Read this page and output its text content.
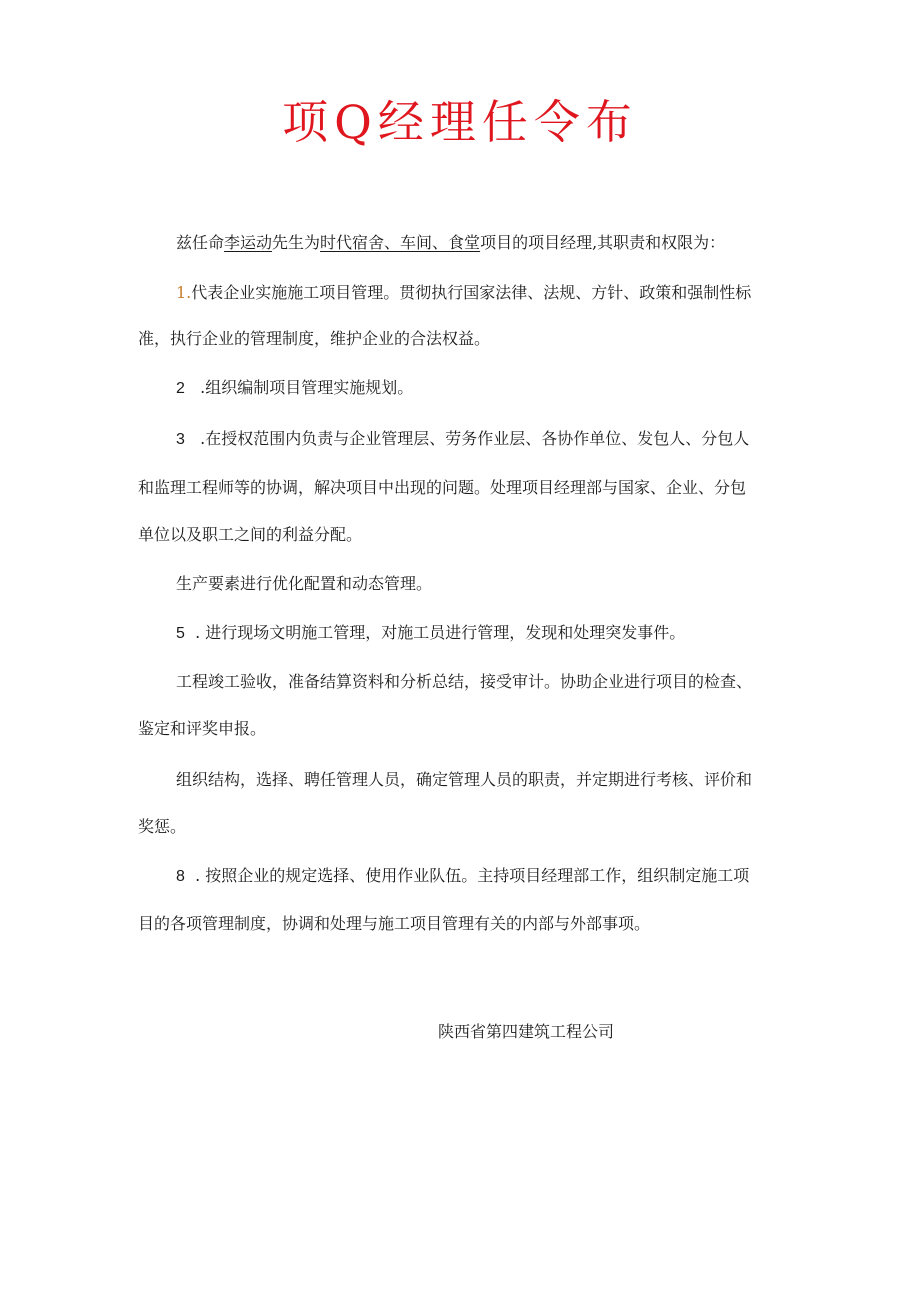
项Q经理任令布
兹任命李运动先生为时代宿舍、车间、食堂项目的项目经理,其职责和权限为：
1.代表企业实施施工项目管理。贯彻执行国家法律、法规、方针、政策和强制性标
准，执行企业的管理制度，维护企业的合法权益。
2 .组织编制项目管理实施规划。
3 .在授权范围内负责与企业管理层、劳务作业层、各协作单位、发包人、分包人
和监理工程师等的协调，解决项目中出现的问题。处理项目经理部与国家、企业、分包
单位以及职工之间的利益分配。
生产要素进行优化配置和动态管理。
5 . 进行现场文明施工管理，对施工员进行管理，发现和处理突发事件。
工程竣工验收，准备结算资料和分析总结，接受审计。协助企业进行项目的检查、
鉴定和评奖申报。
组织结构，选择、聘任管理人员，确定管理人员的职责，并定期进行考核、评价和
奖惩。
8 . 按照企业的规定选择、使用作业队伍。主持项目经理部工作，组织制定施工项
目的各项管理制度，协调和处理与施工项目管理有关的内部与外部事项。
陕西省第四建筑工程公司
